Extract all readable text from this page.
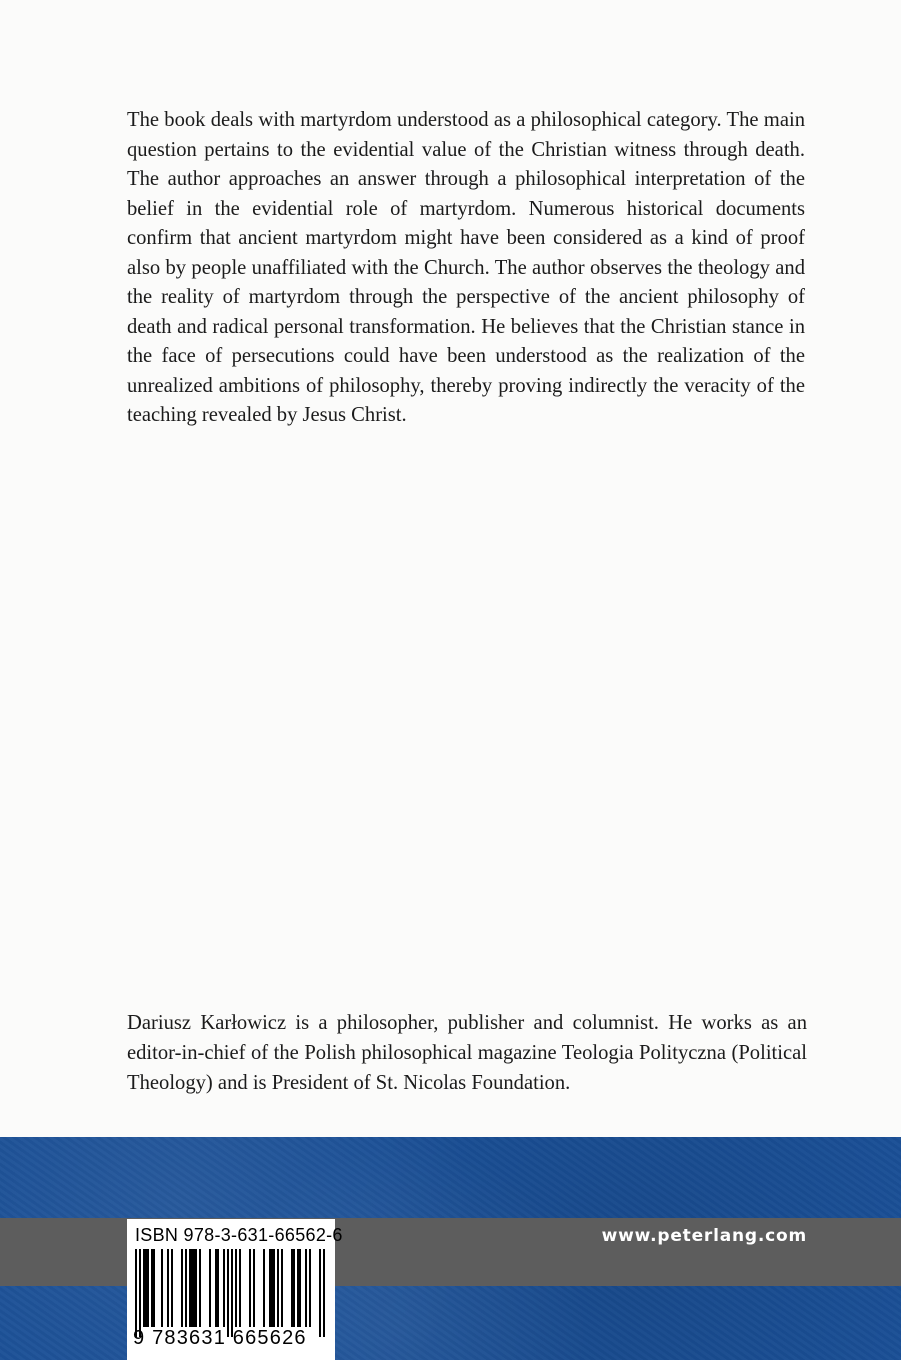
The book deals with martyrdom understood as a philosophical category. The main question pertains to the evidential value of the Christian witness through death. The author approaches an answer through a philosophical interpretation of the belief in the evidential role of martyrdom. Numerous historical documents confirm that ancient martyrdom might have been considered as a kind of proof also by people unaffiliated with the Church. The author observes the theology and the reality of martyrdom through the perspective of the ancient philosophy of death and radical personal transformation. He believes that the Christian stance in the face of persecutions could have been understood as the realization of the unrealized ambitions of philosophy, thereby proving indirectly the veracity of the teaching revealed by Jesus Christ.

Dariusz Karłowicz is a philosopher, publisher and columnist. He works as an editor-in-chief of the Polish philosophical magazine Teologia Polityczna (Political Theology) and is President of St. Nicolas Foundation.

www.peterlang.com
ISBN 978-3-631-66562-6
9 783631 665626
